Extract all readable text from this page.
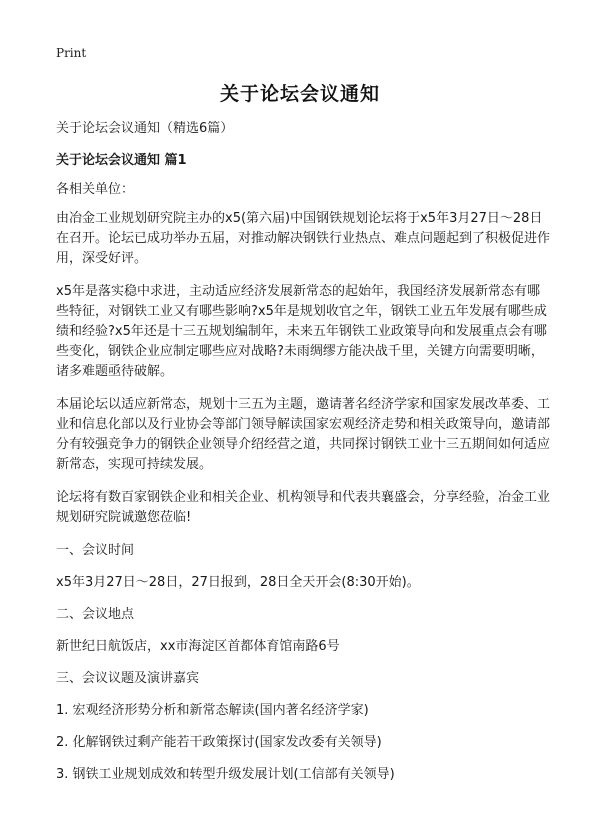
Print
关于论坛会议通知

关于论坛会议通知（精选6篇）

关于论坛会议通知 篇1

各相关单位：

由冶金工业规划研究院主办的x5(第六届)中国钢铁规划论坛将于x5年3月27日～28日在召开。论坛已成功举办五届，对推动解决钢铁行业热点、难点问题起到了积极促进作用，深受好评。

x5年是落实稳中求进，主动适应经济发展新常态的起始年，我国经济发展新常态有哪些特征，对钢铁工业又有哪些影响?x5年是规划收官之年，钢铁工业五年发展有哪些成绩和经验?x5年还是十三五规划编制年，未来五年钢铁工业政策导向和发展重点会有哪些变化，钢铁企业应制定哪些应对战略?未雨绸缪方能决战千里，关键方向需要明晰，诸多难题亟待破解。

本届论坛以适应新常态，规划十三五为主题，邀请著名经济学家和国家发展改革委、工业和信息化部以及行业协会等部门领导解读国家宏观经济走势和相关政策导向，邀请部分有较强竞争力的钢铁企业领导介绍经营之道，共同探讨钢铁工业十三五期间如何适应新常态，实现可持续发展。

论坛将有数百家钢铁企业和相关企业、机构领导和代表共襄盛会，分享经验，冶金工业规划研究院诚邀您莅临!

一、会议时间

x5年3月27日～28日，27日报到，28日全天开会(8:30开始)。

二、会议地点

新世纪日航饭店，xx市海淀区首都体育馆南路6号

三、会议议题及演讲嘉宾

1. 宏观经济形势分析和新常态解读(国内著名经济学家)

2. 化解钢铁过剩产能若干政策探讨(国家发改委有关领导)

3. 钢铁工业规划成效和转型升级发展计划(工信部有关领导)
